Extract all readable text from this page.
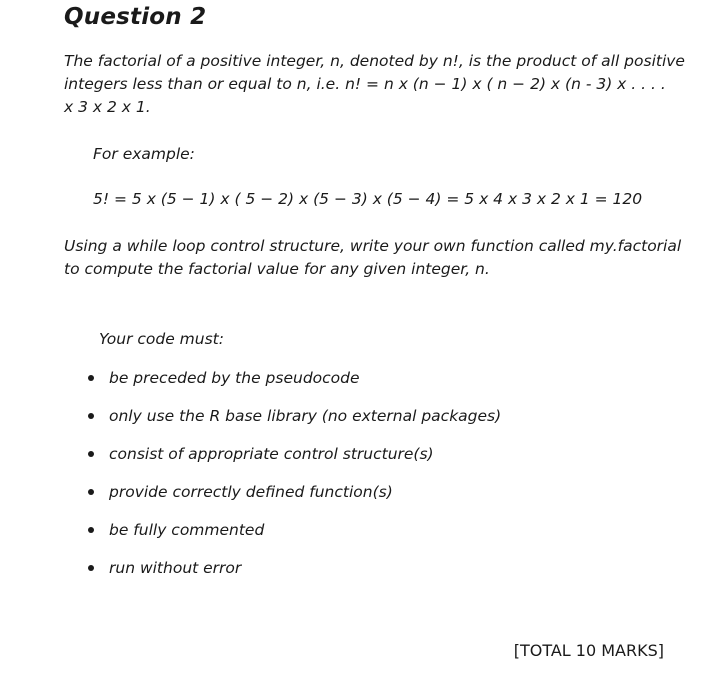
Question 2
The factorial of a positive integer, n, denoted by n!, is the product of all positive
integers less than or equal to n, i.e. n! = n x (n − 1) x ( n − 2) x (n - 3) x . . . .
x 3 x 2 x 1.
For example:
5! = 5 x (5 − 1) x ( 5 − 2) x (5 − 3) x (5 − 4) = 5 x 4 x 3 x 2 x 1 = 120
Using a while loop control structure, write your own function called my.factorial
to compute the factorial value for any given integer, n.
Your code must:
be preceded by the pseudocode
only use the R base library (no external packages)
consist of appropriate control structure(s)
provide correctly defined function(s)
be fully commented
run without error
[TOTAL 10 MARKS]
